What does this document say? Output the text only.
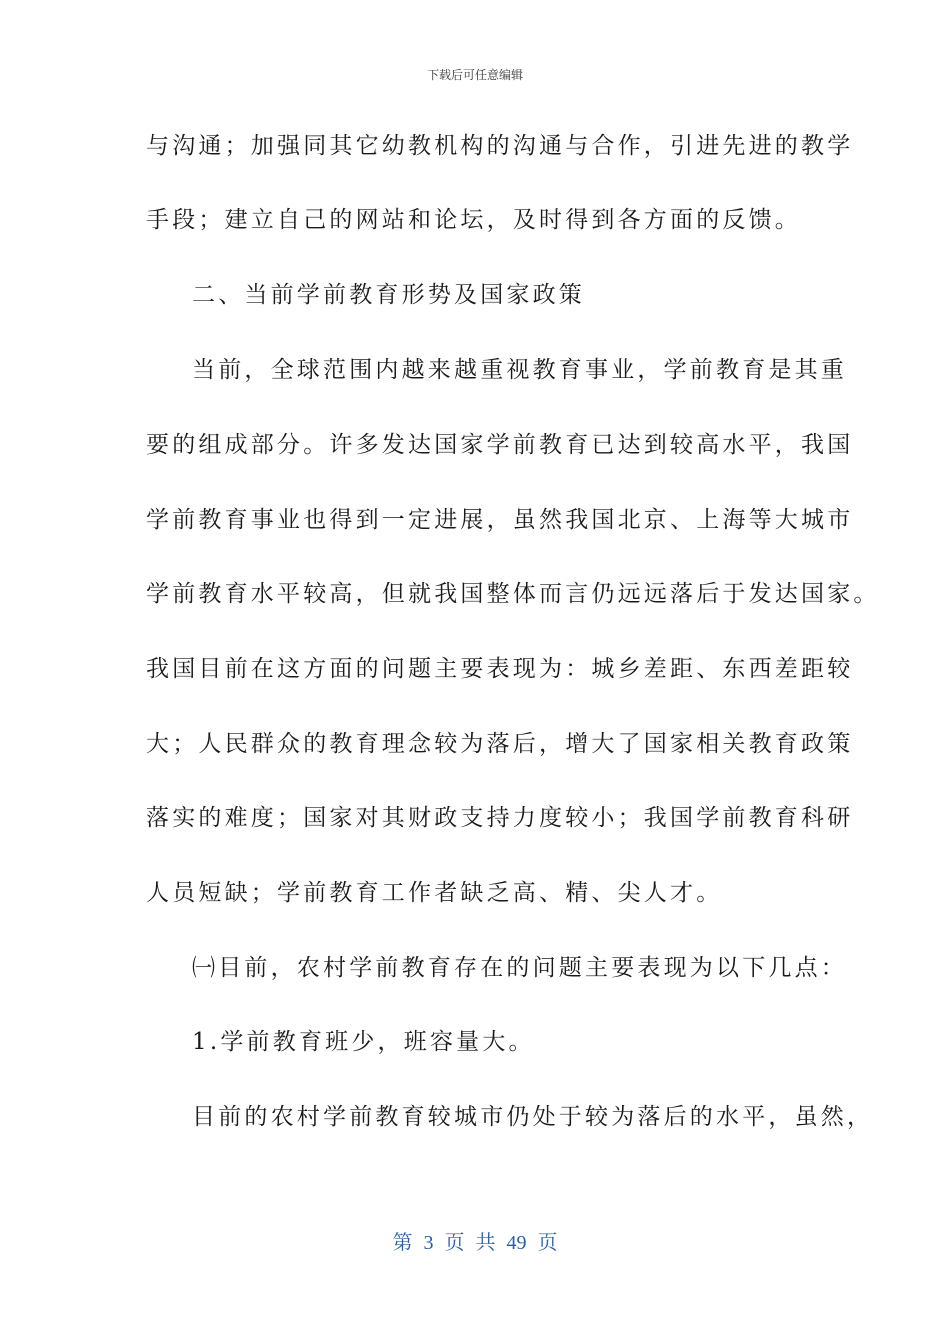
下载后可任意编辑
与沟通；加强同其它幼教机构的沟通与合作，引进先进的教学
手段；建立自己的网站和论坛，及时得到各方面的反馈。
二、当前学前教育形势及国家政策
当前，全球范围内越来越重视教育事业，学前教育是其重
要的组成部分。许多发达国家学前教育已达到较高水平，我国
学前教育事业也得到一定进展，虽然我国北京、上海等大城市
学前教育水平较高，但就我国整体而言仍远远落后于发达国家。
我国目前在这方面的问题主要表现为：城乡差距、东西差距较
大；人民群众的教育理念较为落后，增大了国家相关教育政策
落实的难度；国家对其财政支持力度较小；我国学前教育科研
人员短缺；学前教育工作者缺乏高、精、尖人才。
㈠目前，农村学前教育存在的问题主要表现为以下几点：
1.学前教育班少，班容量大。
目前的农村学前教育较城市仍处于较为落后的水平，虽然，
第 3 页 共 49 页
